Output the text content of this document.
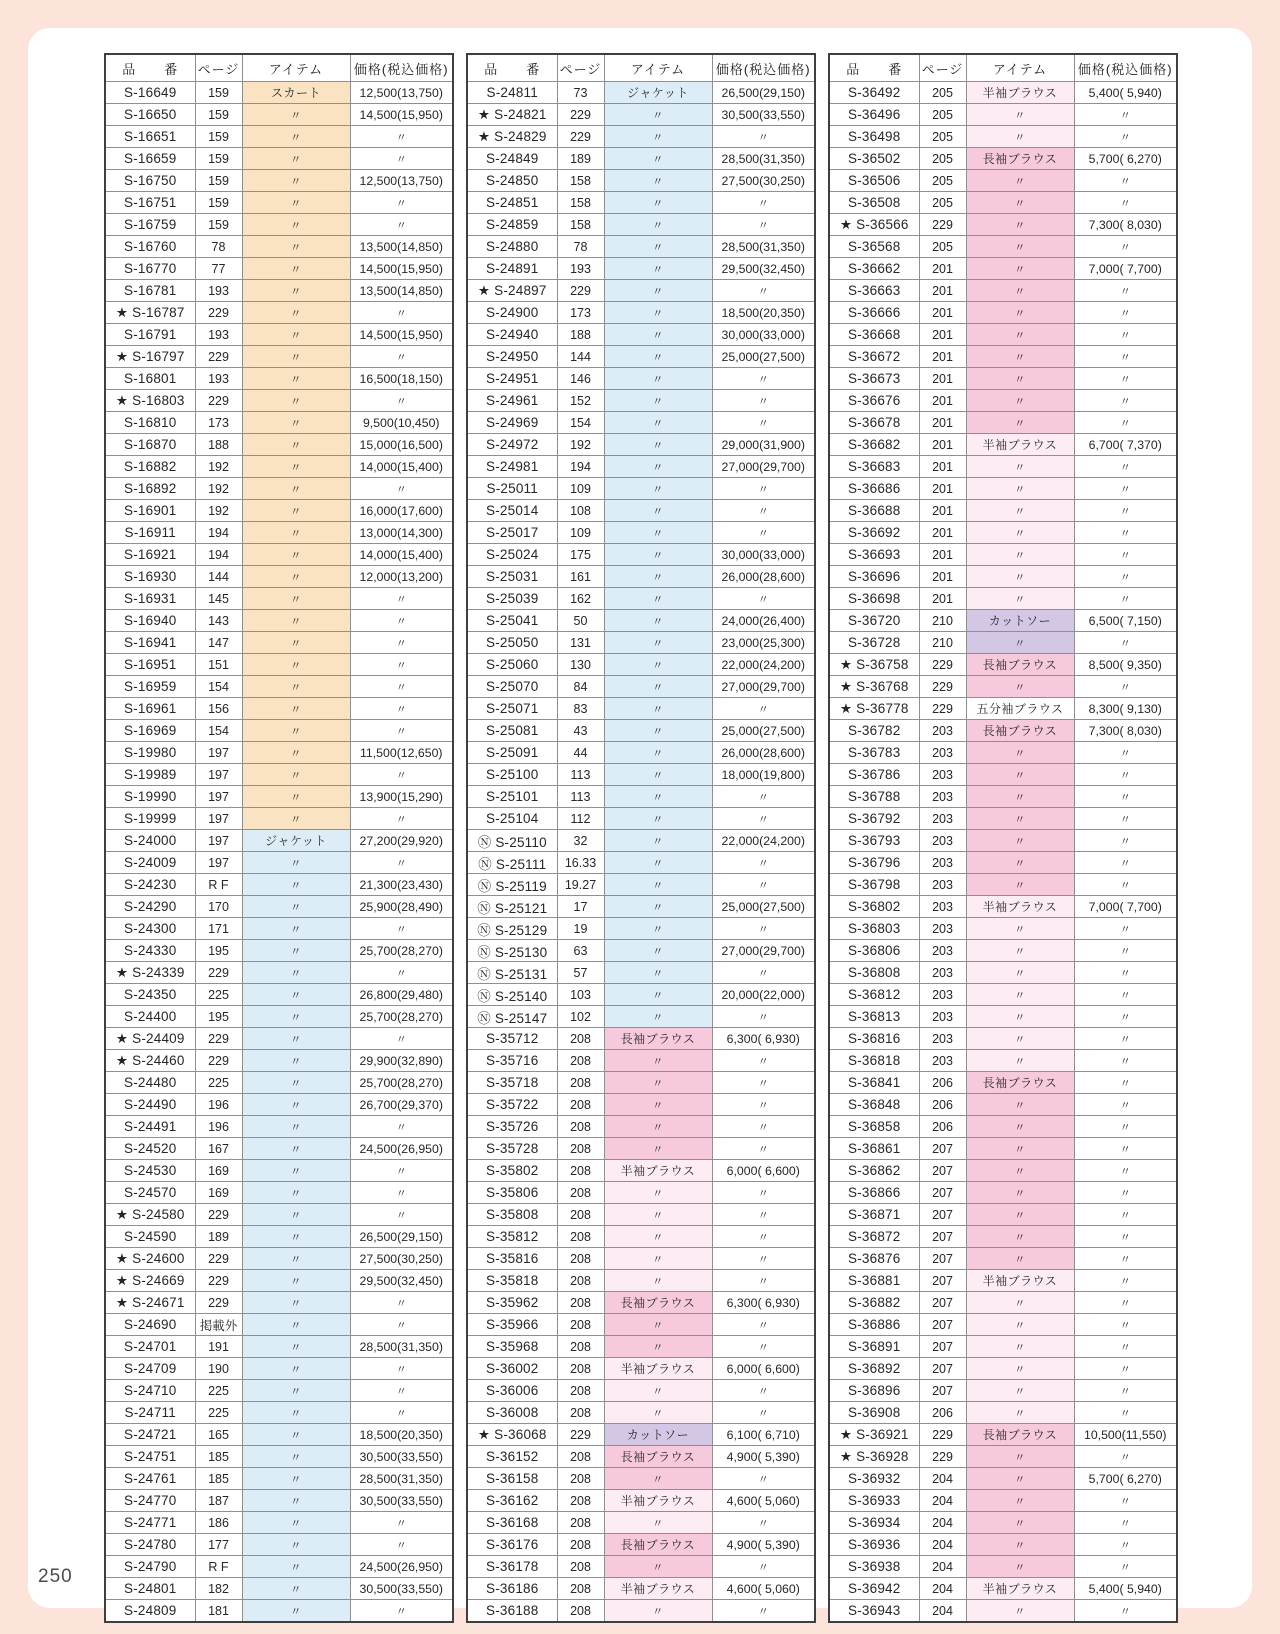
品　　番	ページ	アイテム	価格(税込価格)
S-16649	159	スカート	12,500(13,750)
S-16650	159	〃	14,500(15,950)
S-16651	159	〃	〃
S-16659	159	〃	〃
S-16750	159	〃	12,500(13,750)
S-16751	159	〃	〃
S-16759	159	〃	〃
S-16760	78	〃	13,500(14,850)
S-16770	77	〃	14,500(15,950)
S-16781	193	〃	13,500(14,850)
★ S-16787	229	〃	〃
S-16791	193	〃	14,500(15,950)
★ S-16797	229	〃	〃
S-16801	193	〃	16,500(18,150)
★ S-16803	229	〃	〃
S-16810	173	〃	9,500(10,450)
S-16870	188	〃	15,000(16,500)
S-16882	192	〃	14,000(15,400)
S-16892	192	〃	〃
S-16901	192	〃	16,000(17,600)
S-16911	194	〃	13,000(14,300)
S-16921	194	〃	14,000(15,400)
S-16930	144	〃	12,000(13,200)
S-16931	145	〃	〃
S-16940	143	〃	〃
S-16941	147	〃	〃
S-16951	151	〃	〃
S-16959	154	〃	〃
S-16961	156	〃	〃
S-16969	154	〃	〃
S-19980	197	〃	11,500(12,650)
S-19989	197	〃	〃
S-19990	197	〃	13,900(15,290)
S-19999	197	〃	〃
S-24000	197	ジャケット	27,200(29,920)
S-24009	197	〃	〃
S-24230	R F	〃	21,300(23,430)
S-24290	170	〃	25,900(28,490)
S-24300	171	〃	〃
S-24330	195	〃	25,700(28,270)
★ S-24339	229	〃	〃
S-24350	225	〃	26,800(29,480)
S-24400	195	〃	25,700(28,270)
★ S-24409	229	〃	〃
★ S-24460	229	〃	29,900(32,890)
S-24480	225	〃	25,700(28,270)
S-24490	196	〃	26,700(29,370)
S-24491	196	〃	〃
S-24520	167	〃	24,500(26,950)
S-24530	169	〃	〃
S-24570	169	〃	〃
★ S-24580	229	〃	〃
S-24590	189	〃	26,500(29,150)
★ S-24600	229	〃	27,500(30,250)
★ S-24669	229	〃	29,500(32,450)
★ S-24671	229	〃	〃
S-24690	掲載外	〃	〃
S-24701	191	〃	28,500(31,350)
S-24709	190	〃	〃
S-24710	225	〃	〃
S-24711	225	〃	〃
S-24721	165	〃	18,500(20,350)
S-24751	185	〃	30,500(33,550)
S-24761	185	〃	28,500(31,350)
S-24770	187	〃	30,500(33,550)
S-24771	186	〃	〃
S-24780	177	〃	〃
S-24790	R F	〃	24,500(26,950)
S-24801	182	〃	30,500(33,550)
S-24809	181	〃	〃
品　　番	ページ	アイテム	価格(税込価格)
S-24811	73	ジャケット	26,500(29,150)
★ S-24821	229	〃	30,500(33,550)
★ S-24829	229	〃	〃
S-24849	189	〃	28,500(31,350)
S-24850	158	〃	27,500(30,250)
S-24851	158	〃	〃
S-24859	158	〃	〃
S-24880	78	〃	28,500(31,350)
S-24891	193	〃	29,500(32,450)
★ S-24897	229	〃	〃
S-24900	173	〃	18,500(20,350)
S-24940	188	〃	30,000(33,000)
S-24950	144	〃	25,000(27,500)
S-24951	146	〃	〃
S-24961	152	〃	〃
S-24969	154	〃	〃
S-24972	192	〃	29,000(31,900)
S-24981	194	〃	27,000(29,700)
S-25011	109	〃	〃
S-25014	108	〃	〃
S-25017	109	〃	〃
S-25024	175	〃	30,000(33,000)
S-25031	161	〃	26,000(28,600)
S-25039	162	〃	〃
S-25041	50	〃	24,000(26,400)
S-25050	131	〃	23,000(25,300)
S-25060	130	〃	22,000(24,200)
S-25070	84	〃	27,000(29,700)
S-25071	83	〃	〃
S-25081	43	〃	25,000(27,500)
S-25091	44	〃	26,000(28,600)
S-25100	113	〃	18,000(19,800)
S-25101	113	〃	〃
S-25104	112	〃	〃
Ⓝ S-25110	32	〃	22,000(24,200)
Ⓝ S-25111	16.33	〃	〃
Ⓝ S-25119	19.27	〃	〃
Ⓝ S-25121	17	〃	25,000(27,500)
Ⓝ S-25129	19	〃	〃
Ⓝ S-25130	63	〃	27,000(29,700)
Ⓝ S-25131	57	〃	〃
Ⓝ S-25140	103	〃	20,000(22,000)
Ⓝ S-25147	102	〃	〃
S-35712	208	長袖ブラウス	6,300( 6,930)
S-35716	208	〃	〃
S-35718	208	〃	〃
S-35722	208	〃	〃
S-35726	208	〃	〃
S-35728	208	〃	〃
S-35802	208	半袖ブラウス	6,000( 6,600)
S-35806	208	〃	〃
S-35808	208	〃	〃
S-35812	208	〃	〃
S-35816	208	〃	〃
S-35818	208	〃	〃
S-35962	208	長袖ブラウス	6,300( 6,930)
S-35966	208	〃	〃
S-35968	208	〃	〃
S-36002	208	半袖ブラウス	6,000( 6,600)
S-36006	208	〃	〃
S-36008	208	〃	〃
★ S-36068	229	カットソー	6,100( 6,710)
S-36152	208	長袖ブラウス	4,900( 5,390)
S-36158	208	〃	〃
S-36162	208	半袖ブラウス	4,600( 5,060)
S-36168	208	〃	〃
S-36176	208	長袖ブラウス	4,900( 5,390)
S-36178	208	〃	〃
S-36186	208	半袖ブラウス	4,600( 5,060)
S-36188	208	〃	〃
品　　番	ページ	アイテム	価格(税込価格)
S-36492	205	半袖ブラウス	5,400( 5,940)
S-36496	205	〃	〃
S-36498	205	〃	〃
S-36502	205	長袖ブラウス	5,700( 6,270)
S-36506	205	〃	〃
S-36508	205	〃	〃
★ S-36566	229	〃	7,300( 8,030)
S-36568	205	〃	〃
S-36662	201	〃	7,000( 7,700)
S-36663	201	〃	〃
S-36666	201	〃	〃
S-36668	201	〃	〃
S-36672	201	〃	〃
S-36673	201	〃	〃
S-36676	201	〃	〃
S-36678	201	〃	〃
S-36682	201	半袖ブラウス	6,700( 7,370)
S-36683	201	〃	〃
S-36686	201	〃	〃
S-36688	201	〃	〃
S-36692	201	〃	〃
S-36693	201	〃	〃
S-36696	201	〃	〃
S-36698	201	〃	〃
S-36720	210	カットソー	6,500( 7,150)
S-36728	210	〃	〃
★ S-36758	229	長袖ブラウス	8,500( 9,350)
★ S-36768	229	〃	〃
★ S-36778	229	五分袖ブラウス	8,300( 9,130)
S-36782	203	長袖ブラウス	7,300( 8,030)
S-36783	203	〃	〃
S-36786	203	〃	〃
S-36788	203	〃	〃
S-36792	203	〃	〃
S-36793	203	〃	〃
S-36796	203	〃	〃
S-36798	203	〃	〃
S-36802	203	半袖ブラウス	7,000( 7,700)
S-36803	203	〃	〃
S-36806	203	〃	〃
S-36808	203	〃	〃
S-36812	203	〃	〃
S-36813	203	〃	〃
S-36816	203	〃	〃
S-36818	203	〃	〃
S-36841	206	長袖ブラウス	〃
S-36848	206	〃	〃
S-36858	206	〃	〃
S-36861	207	〃	〃
S-36862	207	〃	〃
S-36866	207	〃	〃
S-36871	207	〃	〃
S-36872	207	〃	〃
S-36876	207	〃	〃
S-36881	207	半袖ブラウス	〃
S-36882	207	〃	〃
S-36886	207	〃	〃
S-36891	207	〃	〃
S-36892	207	〃	〃
S-36896	207	〃	〃
S-36908	206	〃	〃
★ S-36921	229	長袖ブラウス	10,500(11,550)
★ S-36928	229	〃	〃
S-36932	204	〃	5,700( 6,270)
S-36933	204	〃	〃
S-36934	204	〃	〃
S-36936	204	〃	〃
S-36938	204	〃	〃
S-36942	204	半袖ブラウス	5,400( 5,940)
S-36943	204	〃	〃
250
